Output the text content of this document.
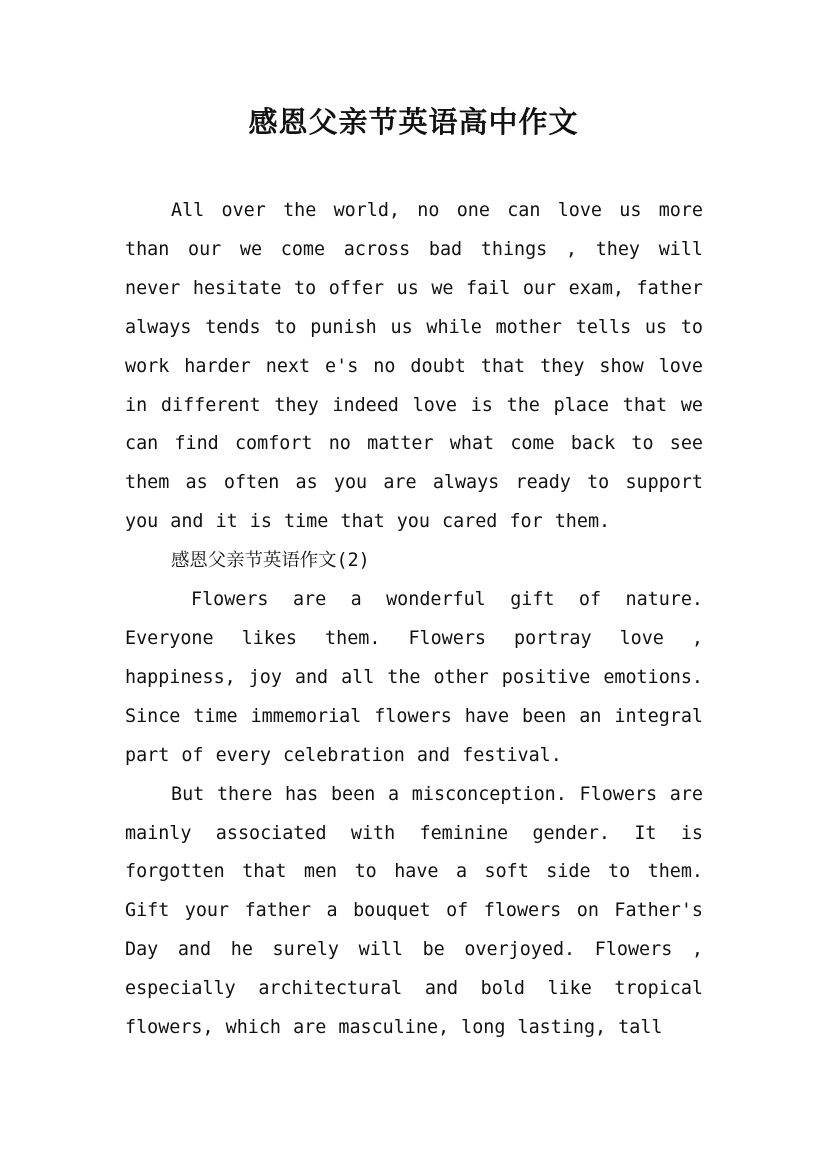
感恩父亲节英语高中作文

All over the world, no one can love us more than our we come across bad things , they will never hesitate to offer us we fail our exam, father always tends to punish us while mother tells us to work harder next e's no doubt that they show love in different they indeed love is the place that we can find comfort no matter what come back to see them as often as you are always ready to support you and it is time that you cared for them.

感恩父亲节英语作文(2)

Flowers are a wonderful gift of nature. Everyone likes them. Flowers portray love , happiness, joy and all the other positive emotions. Since time immemorial flowers have been an integral part of every celebration and festival.

But there has been a misconception. Flowers are mainly associated with feminine gender. It is forgotten that men to have a soft side to them. Gift your father a bouquet of flowers on Father's Day and he surely will be overjoyed. Flowers , especially architectural and bold like tropical flowers, which are masculine, long lasting, tall
